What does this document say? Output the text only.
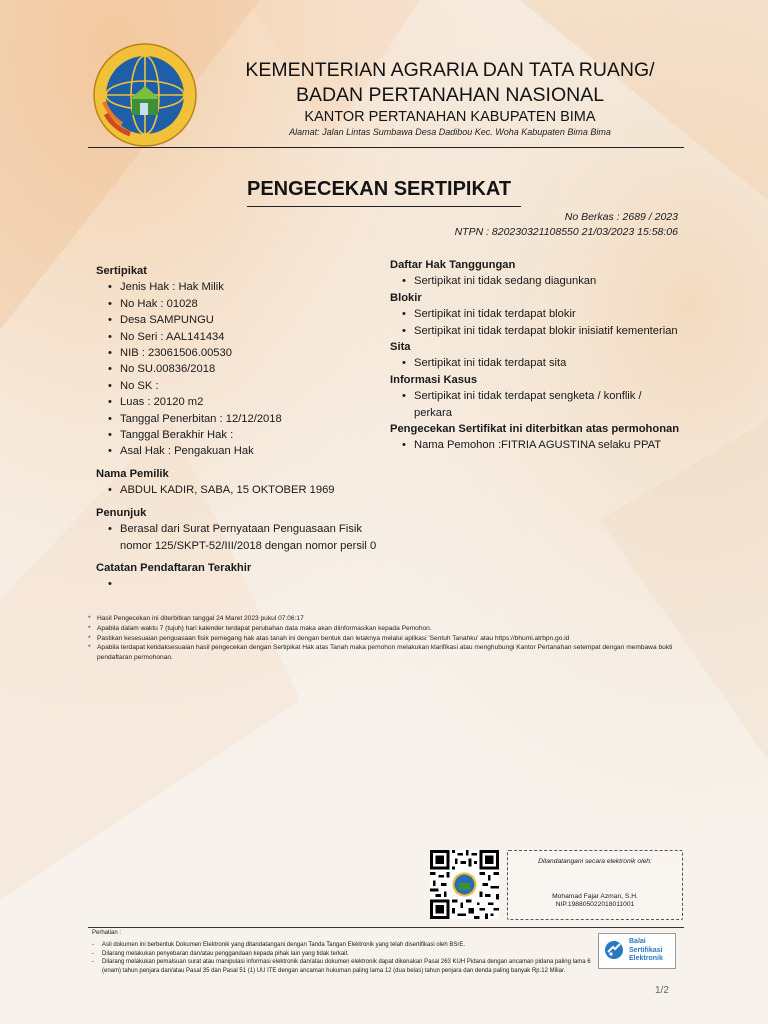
KEMENTERIAN AGRARIA DAN TATA RUANG/
BADAN PERTANAHAN NASIONAL
KANTOR PERTANAHAN KABUPATEN BIMA
Alamat: Jalan Lintas Sumbawa Desa Dadibou Kec. Woha Kabupaten Bima Bima
PENGECEKAN SERTIPIKAT
No Berkas : 2689 / 2023
NTPN : 820230321108550 21/03/2023 15:58:06

Sertipikat

• Jenis Hak : Hak Milik
• No Hak : 01028
• Desa SAMPUNGU
• No Seri : AAL141434
• NIB : 23061506.00530
• No SU.00836/2018
• No SK :
• Luas : 20120 m2
• Tanggal Penerbitan : 12/12/2018
• Tanggal Berakhir Hak :
• Asal Hak : Pengakuan Hak

Nama Pemilik

• ABDUL KADIR, SABA, 15 OKTOBER 1969

Penunjuk

• Berasal dari Surat Pernyataan Penguasaan Fisik nomor 125/SKPT-52/III/2018 dengan nomor persil 0

Catatan Pendaftaran Terakhir

Daftar Hak Tanggungan

• Sertipikat ini tidak sedang diagunkan

Blokir

• Sertipikat ini tidak terdapat blokir
• Sertipikat ini tidak terdapat blokir inisiatif kementerian

Sita

• Sertipikat ini tidak terdapat sita

Informasi Kasus

• Sertipikat ini tidak terdapat sengketa / konflik / perkara

Pengecekan Sertifikat ini diterbitkan atas permohonan

• Nama Pemohon :FITRIA AGUSTINA selaku PPAT
* Hasil Pengecekan ini diterbitkan tanggal 24 Maret 2023 pukul 07:06:17
* Apabila dalam waktu 7 (tujuh) hari kalender terdapat perubahan data maka akan diinformasikan kepada Pemohon.
* Pastikan kesesuaian penguasaan fisik pemegang hak atas tanah ini dengan bentuk dan letaknya melalui aplikasi 'Sentuh Tanahku' atau https://bhumi.atrbpn.go.id
* Apabila terdapat ketidaksesuaian hasil pengecekan dengan Sertipikat Hak atas Tanah maka pemohon melakukan klarifikasi atau menghubungi Kantor Pertanahan setempat dengan membawa bukti pendaftaran permohonan.
Ditandatangani secara elektronik oleh:
Mohamad Fajar Azman, S.H.
NIP.198805022018011001
Perhatian :
- Asli dokumen ini berbentuk Dokumen Elektronik yang ditandatangani dengan Tanda Tangan Elektronik yang telah disertifikasi oleh BSrE.
- Dilarang melakukan penyebaran dan/atau penggandaan kepada pihak lain yang tidak terkait.
- Dilarang melakukan pemalsuan surat atau manipulasi informasi elektronik dan/atau dokumen elektronik dapat dikenakan Pasal 263 KUH Pidana dengan ancaman pidana paling lama 6 (enam) tahun penjara dan/atau Pasal 35 dan Pasal 51 (1) UU ITE dengan ancaman hukuman paling lama 12 (dua belas) tahun penjara dan denda paling banyak Rp.12 Miliar.
Balai
Sertifikasi
Elektronik
1/2
